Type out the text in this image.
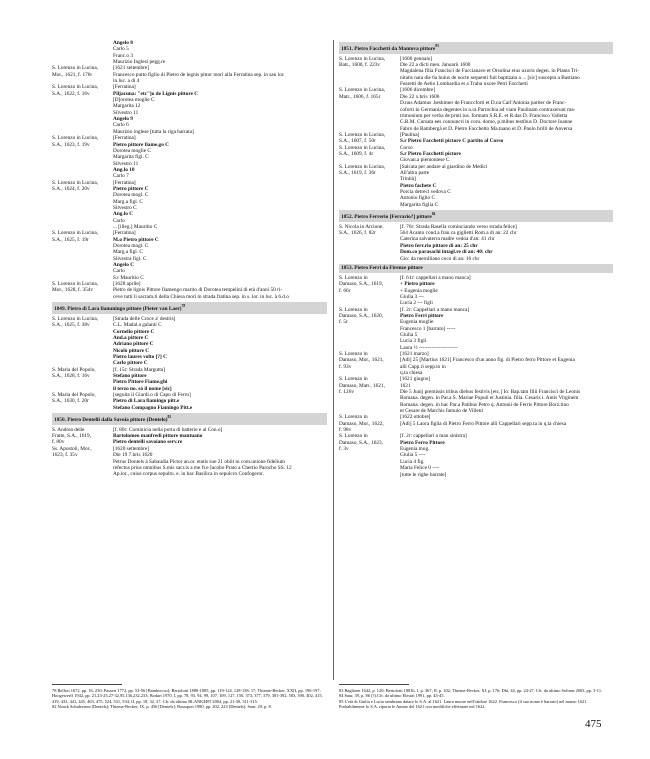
Angelo 8
Carlo 5
Franc.o 3
Maurizio Inglesi pegg.re
S. Lorenzo in Lucina,
Mor., 1621, f. 176r
[1621 settembre]
Francesco putto figlio di Pietro de legnis pittor mori alla Ferratina sep. in san lor.
in luc. a di 4
S. Lorenzo in Lucina,
S.A., 1622, f. 16v
[Ferratina]
Piljacuna: "etc"]o de Lignis pittore C
[D]orotea moglie C
Margarita 12
Silvestro 11
Angelo 9
Carlo 6
Maurizio inglese [tutta la riga barrata]
S. Lorenzo in Lucina,
S.A., 1623, f. 19v
[Ferratina]
Pietro pittore fiame.go C
Dorotea moglie C
Margarita figl. C
Silvestro 11
Ang.lo 10
Carlo 7
S. Lorenzo in Lucina,
S.A., 1624, f. 20v
[Ferratina]
Pietro pittore C
Dorotea mogl. C
Marg.a figl. C
Silvestro C
Ang.lo C
Carlo
... [illeg.] Mauritio C
S. Lorenzo in Lucina,
S.A., 1625, f. 19r
[Ferratina]
M.o Pietro pittore C
Dorotea mogl. C
Marg.a figl. C
Silvestra figl. C
Angelo C
Carlo
S.r Mauritio C
S. Lorenzo in Lucina,
Mor., 1628, f. 354v
[1628 aprile]
Pietro de lignis Pittore fiamengo marito di Dorotea tempelini di età d'anni 50 ri-
ceve tutti li sacram.ti della Chiesa morì in strada fratina sep. in s. lor. in luc. à 6.d.o
1849. Pietro di Lara fiammingo pittore (Pieter van Laer)$^{78}$
S. Lorenzo in Lucina,
S.A., 1625, f. 38v
[Strada delle Croce a' destris]
C.L. Madal.a galanti C
Cornelio pittore C
And.a pittore C
Adriano pittore C
Nicolò pittore C
Pietro laures volto [?] C
Carlo pittore C
S. Maria del Popolo,
S.A., 1628, f. 16v
[f. 15r: Strada Margutta]
Stefano pittore
Pietro Pittore Fiame.ghi
il terzo no. sò il nome [sic]
S. Maria del Popolo,
S.A., 1630, f. 20r
[seguita il Giardi.o di Capo di Ferro]
Pietro di Lara fiamingo pitt.e
Stefano Compagno Fiamingo Pitt.e
1850. Pietro Dentelli dalla Savoia pittore (Dentelo)$^{82}$
S. Andrea delle
Fratte, S.A., 1619,
f. 80v
[f. 80r: Cominicia nella porta di batterie e al Con.o]
Bartolomeo manfredi pittore mantuano
Pietro dentelli savoiano serv.re
Ss. Apostoli, Mor.,
1623, f. 35v
[1620 settembre]
Die 19 7.bris 1620
Petrus Dontels à Sabaudia Pictor an.or. etatis sue 21 obiit in com.unione fidelium
refectus prius omnibus S.mis sacr.is a me fr.e Iacobo Prato a Chertio Parocho SS. 12
Ap.lor., cuius corpus sepultu. e. in hac Basilica in sepulcro Confogeror.
1851. Pietro Facchetti da Mantova pittore$^{83}$
S. Lorenzo in Lucina,
Batt., 1600, f. 223v
[1600 gennaio]
Die 22 a dicti men. Januarii 1600
Magdalena filia Francisci de Faccianave et Orsolina eius uxoris degen. in Platea Tri-
nitatis nata die 6a huius de nocte sequenti fuit baptizata a ... [sic] suscepta a Bastiano
Fearetti de Aetio Lombardia et a Trabu uxore Petri Facchetti
S. Lorenzo in Lucina,
Matr., 1606, f. 165r
[1606 dicembre]
Die 22 x.bris 1606
D.nus Adamus .heshimer de Franccforti et D.na Carl'Antonia pariter de Franc-
coforti in Germania degentes in n.ra Parrochia ad viam Paulinam contraxerunt ma-
trimonium per verba de prnti ius. formam S.R.E. et R.das D. Francisco Valletta
C.R.M. Cursata ees connuncri in coru. domo, p.mibus testibus D. Doctore Ioanne
Fabro de Bambergà et D. Pietro Facchetto Ma.tuano et D. Paulo brilli de Anversa
S. Lorenzo in Lucina,
S.A., 1607, f. 50r
[Paulina]
S.r Pietro Facchetti pictore C partito al Corso
S. Lorenzo in Lucina,
S.A., 1609, f. 4r
Corso
S.r Pietro Facchetti pictore
Giovan.a piemontese C
S. Lorenzo in Lucina,
S.A., 1619, f. 36r
[Salcata per andare al giardino de Medici
All'altra parte
Trinità]
Pietro fachete C
Porcia detrect vedova C
Antonio figlio C
Margarita figlia C
1852. Pietro Ferrerio [Ferrario?] pittore$^{84}$
S. Nicola in Arcione,
S.A., 1626, f. 82r
[f. 76r: Strada Rasella cominciando verso strada felice]
564 Acanto cond.a fran.ca giglietti Rom.a di an: 22 chr
Caterina salvaterra madre vedoa d'an: 41 chr
Pietro ferr.rio pittore di an: 25 chr
Dom.co parasachi intagl.re di an: 40: chr
Gio: da mernlliano coco di an: 16 chr
1853. Pietro Ferri da Firenze pittore
S. Lorenzo in
Damaso, S.A., 1619,
f. 66r
[f. 61r: cappellari a mano manca]
+ Pietro pittore
+ Eugenia moglie
Giulia 3 ---
Lucia 2 --- figli
S. Lorenzo in
Damaso, S.A., 1620,
f. 5r
[f. 2r: Cappellari a mano manca]
Pietro Ferri pittore
Eugenia moglie
Francesco 1 [barrato] -----
Giulia 5
Lucia 3 figli
Laora ½ ----------------------
S. Lorenzo in
Damaso, Mor., 1621,
f. 93v
[1621 marzo]
[Adì] 25 [Martius 1621] Francesco d'un anno fig. di Pietro ferro Pittore et Eugenia
alli Capp.ri sepp.to in
q.ta chiesa
S. Lorenzo in
Damaso, Matr., 1621,
f. 126v
[1621 giugno]
1621
Die 5 Junij premissis tribus diebus festivis [etc.] Io: Bap.tam filii Francisci de Leonis
Romana. degen. in Par.a S. Mariae Populi et Justinia. filia. Cesaris i. Antis Virginem
Romana. degen. in hac Par.a Patibus Petro q. Antonii de Ferris Pittore Borz.tino
et Cesare de Marchis famulo de Villetri
S. Lorenzo in
Damaso, Mor., 1622,
f. 98v
[1622 ottobre]
[Adì] 5 Laora figlia di Pietro Ferro Pittore alli Cappellari sepp.ta in q.ta chiesa
S. Lorenzo in
Damaso, S.A., 1623,
f. 3v
[f. 2r: cappellari a man sinistra]
Pietro Ferro Pittore
Eugenia mog.
Giulia 5 ----
Lucia 4 fig.
Maria Felice 0 ----
[tutte le righe barrate]
78 Bellori 1672, pp. 16, 230; Passeri 1772, pp. 53-56 [Bamboccio]; Bertolotti 1880-1885, pp. 119-124, 128-138; 17; Thieme-Becker, XXII, pp. 196-197; Hoogewerff 1942, pp. 21,23-25,27-32,95,136,232,233; Bodart 1970, I, pp. 78, 93, 94, 99, 107, 109, 127, 150, 373, 377, 379, 381-392, 583, 390, 402, 415, 419, 433, 441, 445, 463, 475, 524, 531, 534; II, pp. 18, 32, 37. Cfr. da ultimo BLANKERT 2004, pp. 21-30, 311-315.
82 Noack Schulerisen [Dentels]; Thieme-Becker, IX, p. 456 [Dentels]; Bousquet 1980, pp. 202, 223 [Dentels]; Saur, 29, p. 8.
83 Baglione 1642, p. 120; Bertolotti 1881b, I, p. 367; II, p. 102; Thieme-Becker, XI, p. 176; Dbi, 44, pp. 24-27. Cfr. da ultimo Solinas 2003, pp. 3-11.
84 Saur, 39, p. 86 (?).Cfr. da ultimo Eleutri 1991, pp. 43-45.
85 L'età di Giulia e Lucia sembrano datare lo S.A. al 1621. Laura muore nell'ottobre 1622. Francesco (il suo nome è barrato) nel marzo 1621. Probabilmente lo S.A. riporta le Anime del 1621 con modifiche effettuate nel 1622.
475
